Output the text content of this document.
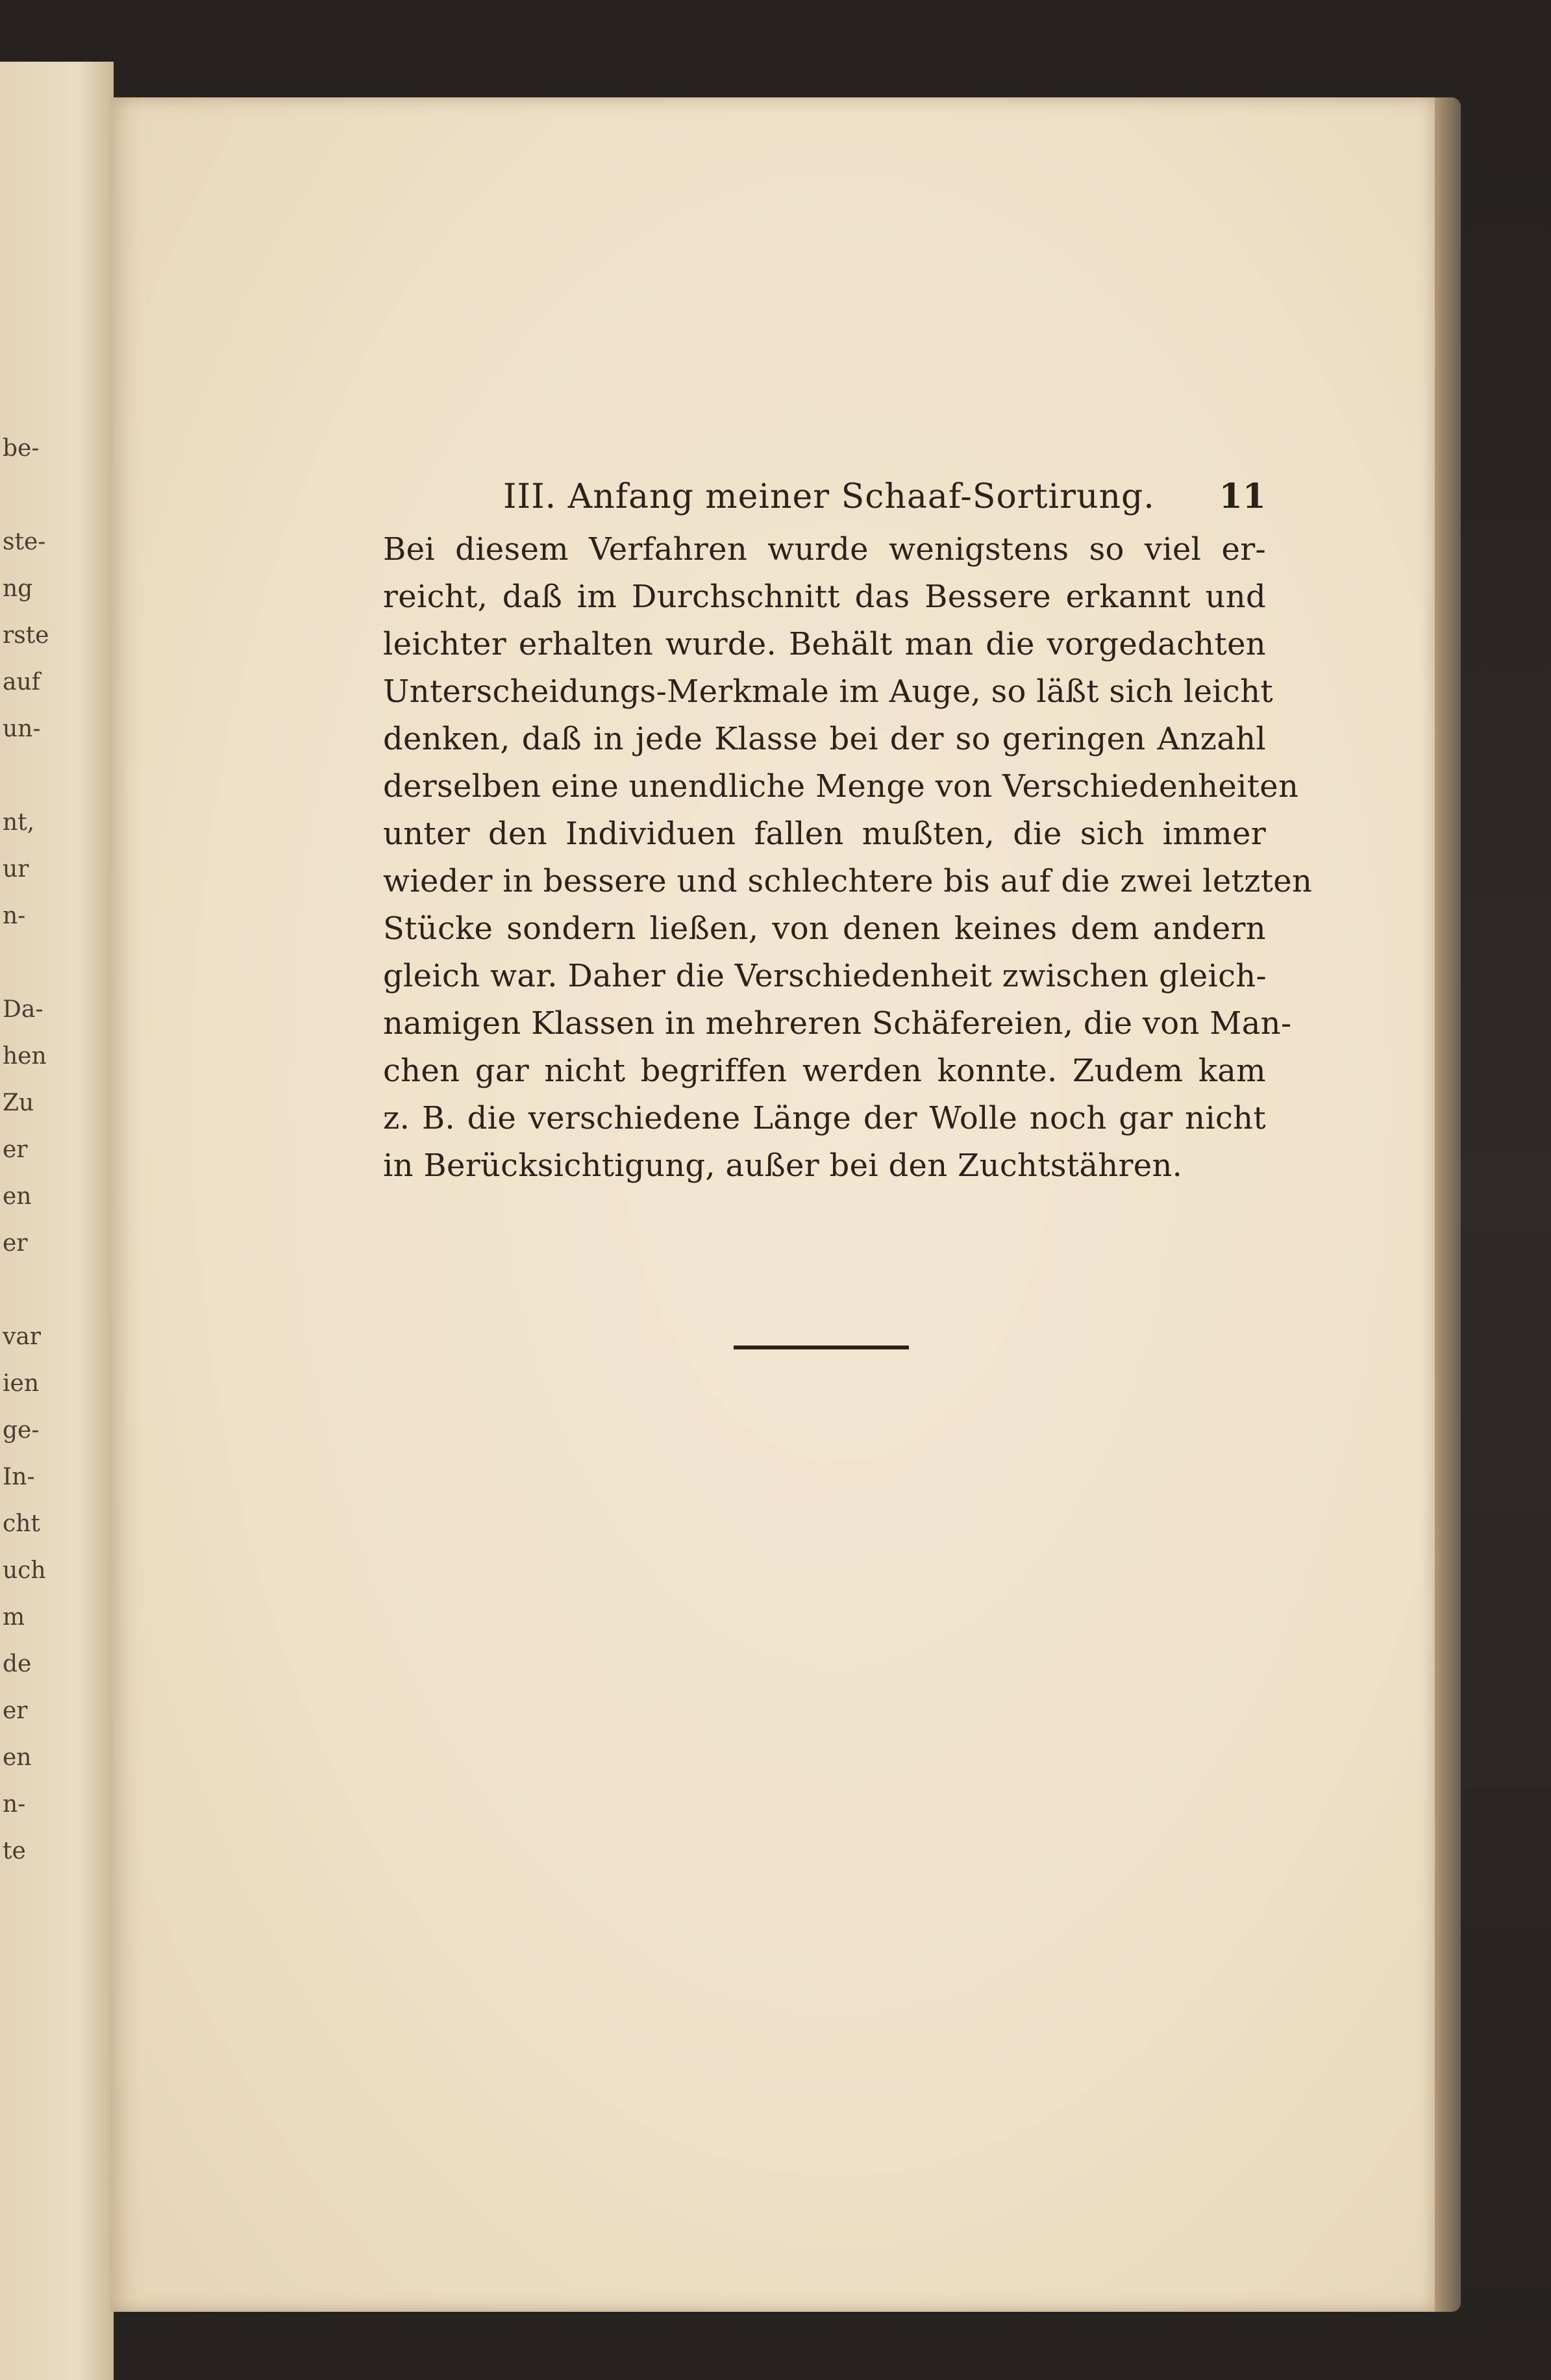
be-
ste-
ng
rste
auf
un-
nt,
ur
n-
Da-
hen
Zu
er
en
er
var
ien
ge-
In-
cht
uch
m
de
er
en
n-
te
III. Anfang meiner Schaaf-Sortirung. 11

Bei diesem Verfahren wurde wenigstens so viel er-
reicht, daß im Durchschnitt das Bessere erkannt und
leichter erhalten wurde. Behält man die vorgedachten
Unterscheidungs-Merkmale im Auge, so läßt sich leicht
denken, daß in jede Klasse bei der so geringen Anzahl
derselben eine unendliche Menge von Verschiedenheiten
unter den Individuen fallen mußten, die sich immer
wieder in bessere und schlechtere bis auf die zwei letzten
Stücke sondern ließen, von denen keines dem andern
gleich war. Daher die Verschiedenheit zwischen gleich-
namigen Klassen in mehreren Schäfereien, die von Man-
chen gar nicht begriffen werden konnte. Zudem kam
z. B. die verschiedene Länge der Wolle noch gar nicht
in Berücksichtigung, außer bei den Zuchtstähren.
